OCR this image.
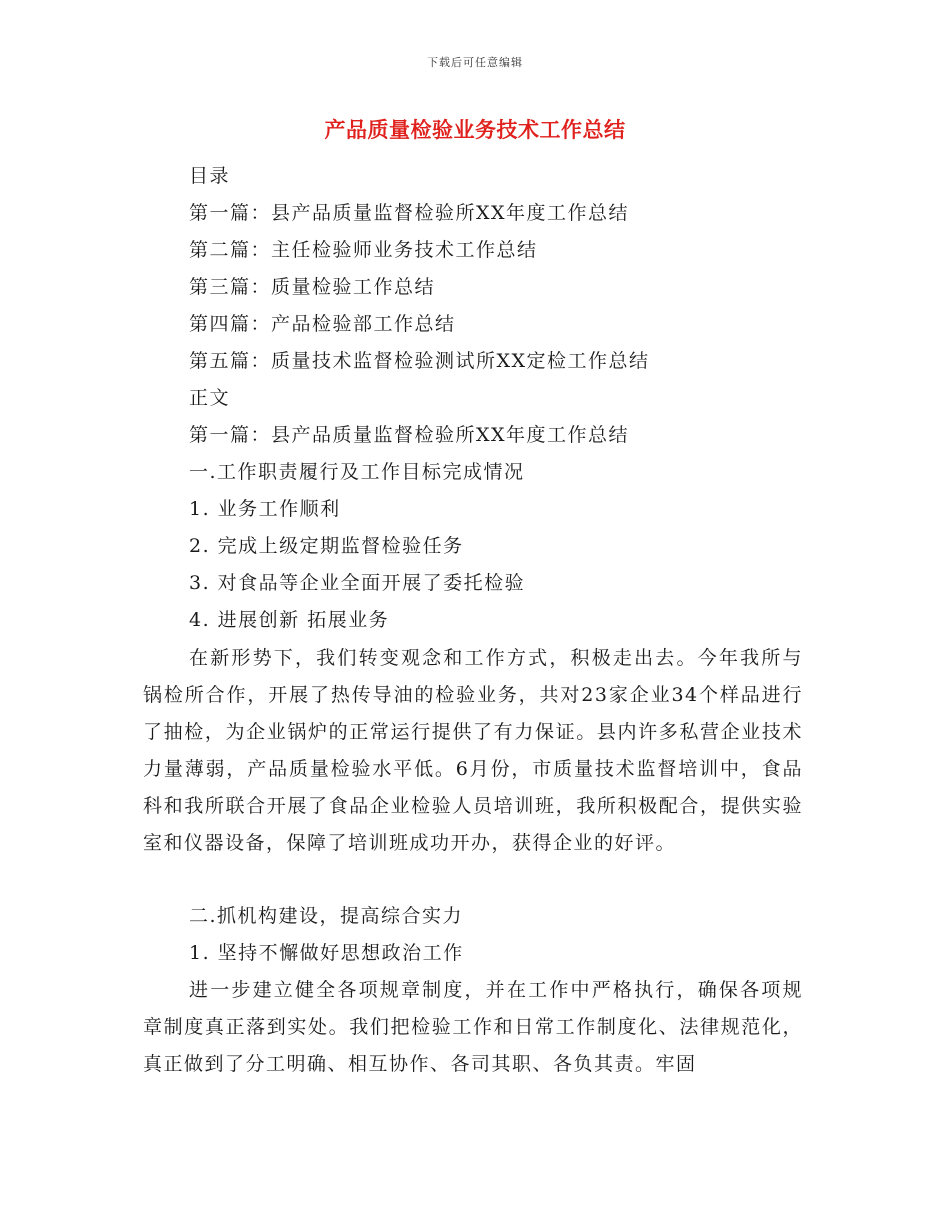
下载后可任意编辑
产品质量检验业务技术工作总结
目录
第一篇：县产品质量监督检验所XX年度工作总结
第二篇：主任检验师业务技术工作总结
第三篇：质量检验工作总结
第四篇：产品检验部工作总结
第五篇：质量技术监督检验测试所XX定检工作总结
正文
第一篇：县产品质量监督检验所XX年度工作总结
一.工作职责履行及工作目标完成情况
1. 业务工作顺利
2. 完成上级定期监督检验任务
3. 对食品等企业全面开展了委托检验
4. 进展创新 拓展业务

在新形势下，我们转变观念和工作方式，积极走出去。今年我所与锅检所合作，开展了热传导油的检验业务，共对23家企业34个样品进行了抽检，为企业锅炉的正常运行提供了有力保证。县内许多私营企业技术力量薄弱，产品质量检验水平低。6月份，市质量技术监督培训中，食品科和我所联合开展了食品企业检验人员培训班，我所积极配合，提供实验室和仪器设备，保障了培训班成功开办，获得企业的好评。

二.抓机构建设，提高综合实力
1. 坚持不懈做好思想政治工作

进一步建立健全各项规章制度，并在工作中严格执行，确保各项规章制度真正落到实处。我们把检验工作和日常工作制度化、法律规范化，真正做到了分工明确、相互协作、各司其职、各负其责。牢固
